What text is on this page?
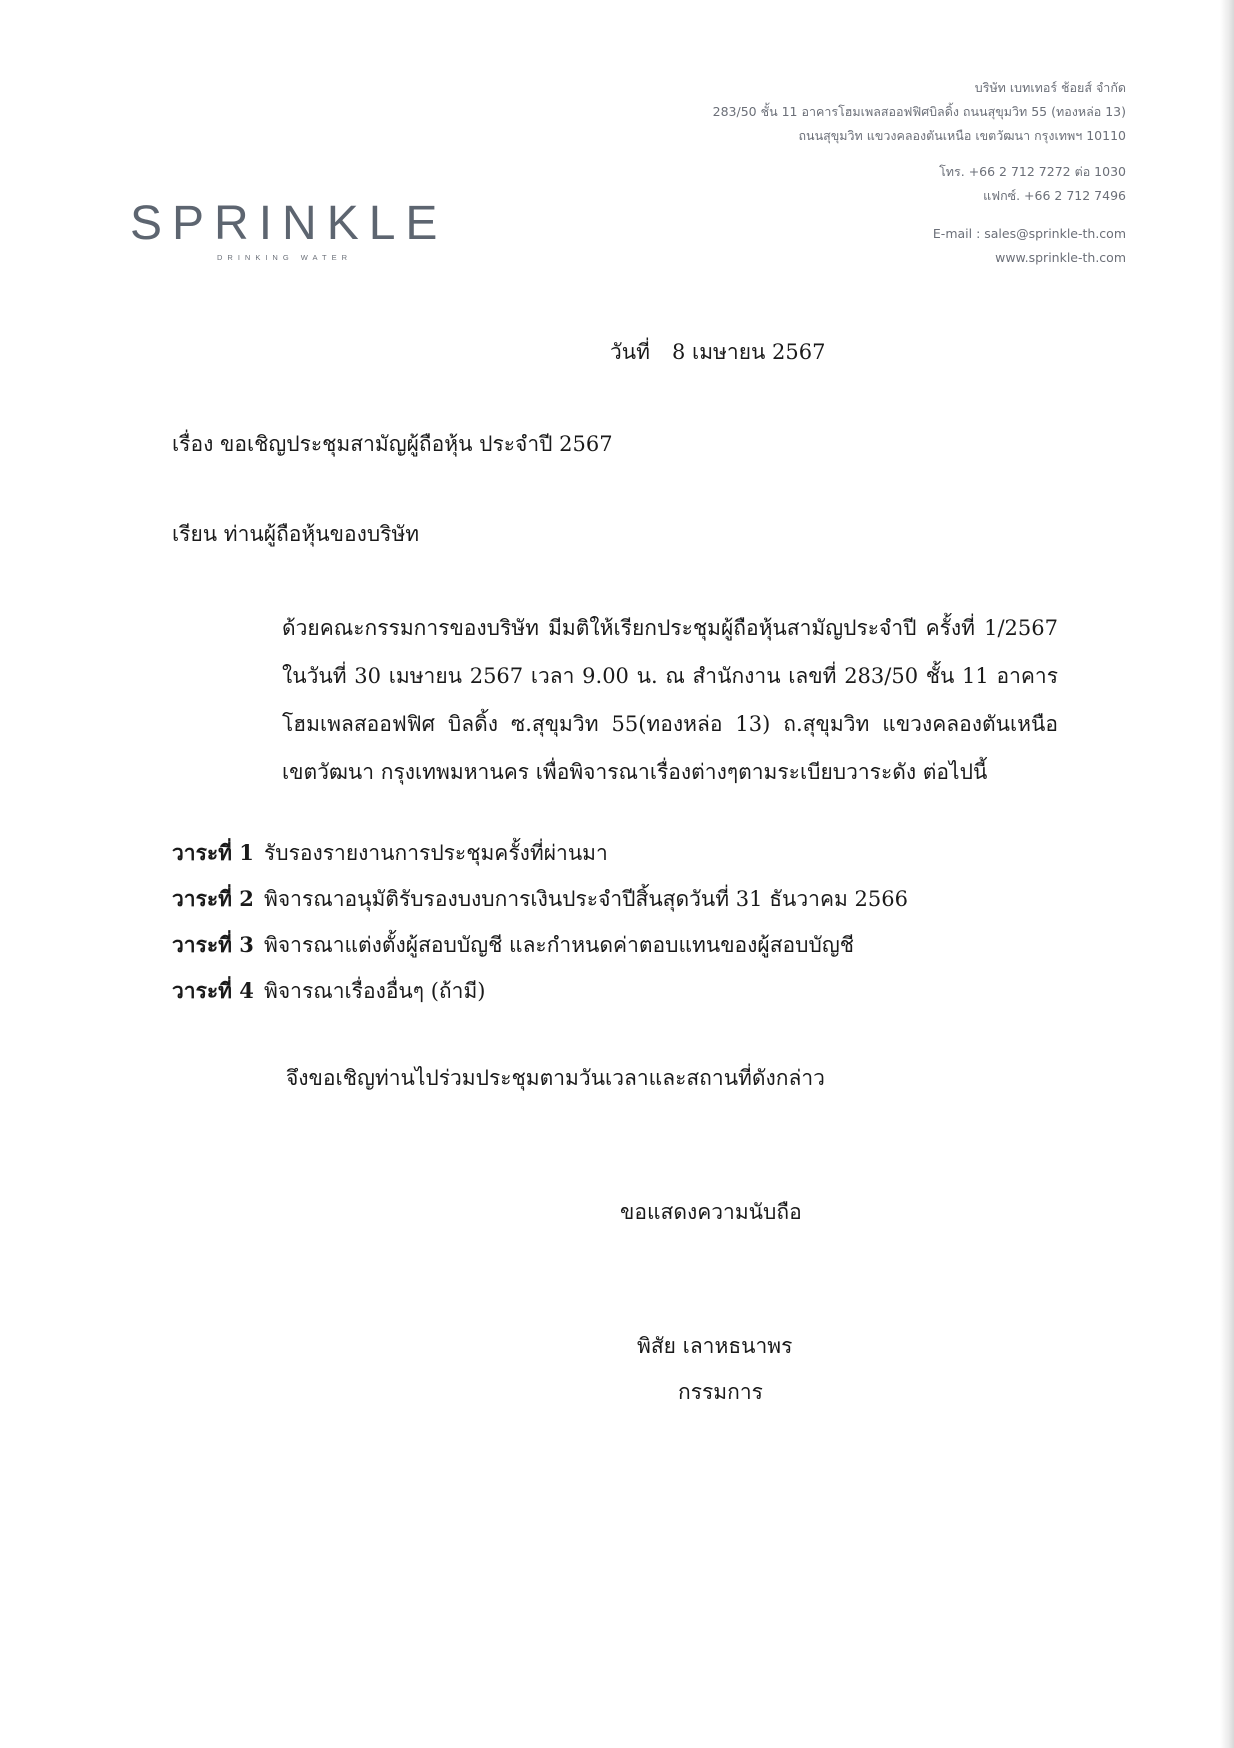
SPRINKLE
DRINKING WATER
บริษัท เบทเทอร์ ช้อยส์ จำกัด
283/50 ชั้น 11 อาคารโฮมเพลสออฟฟิศบิลดิ้ง ถนนสุขุมวิท 55 (ทองหล่อ 13)
ถนนสุขุมวิท แขวงคลองตันเหนือ เขตวัฒนา กรุงเทพฯ 10110
โทร. +66 2 712 7272 ต่อ 1030
แฟกซ์. +66 2 712 7496
E-mail : sales@sprinkle-th.com
www.sprinkle-th.com
วันที่ 8 เมษายน 2567
เรื่อง ขอเชิญประชุมสามัญผู้ถือหุ้น ประจำปี 2567
เรียน ท่านผู้ถือหุ้นของบริษัท
ด้วยคณะกรรมการของบริษัท มีมติให้เรียกประชุมผู้ถือหุ้นสามัญประจำปี ครั้งที่ 1/2567 ในวันที่ 30 เมษายน 2567 เวลา 9.00 น. ณ สำนักงาน เลขที่ 283/50 ชั้น 11 อาคารโฮมเพลสออฟฟิศ บิลดิ้ง ซ.สุขุมวิท 55(ทองหล่อ 13) ถ.สุขุมวิท แขวงคลองตันเหนือ เขตวัฒนา กรุงเทพมหานคร เพื่อพิจารณาเรื่องต่างๆตามระเบียบวาระดัง ต่อไปนี้
วาระที่ 1 รับรองรายงานการประชุมครั้งที่ผ่านมา
วาระที่ 2 พิจารณาอนุมัติรับรองบงบการเงินประจำปีสิ้นสุดวันที่ 31 ธันวาคม 2566
วาระที่ 3 พิจารณาแต่งตั้งผู้สอบบัญชี และกำหนดค่าตอบแทนของผู้สอบบัญชี
วาระที่ 4 พิจารณาเรื่องอื่นๆ (ถ้ามี)
จึงขอเชิญท่านไปร่วมประชุมตามวันเวลาและสถานที่ดังกล่าว
ขอแสดงความนับถือ
พิสัย เลาหธนาพร
กรรมการ
